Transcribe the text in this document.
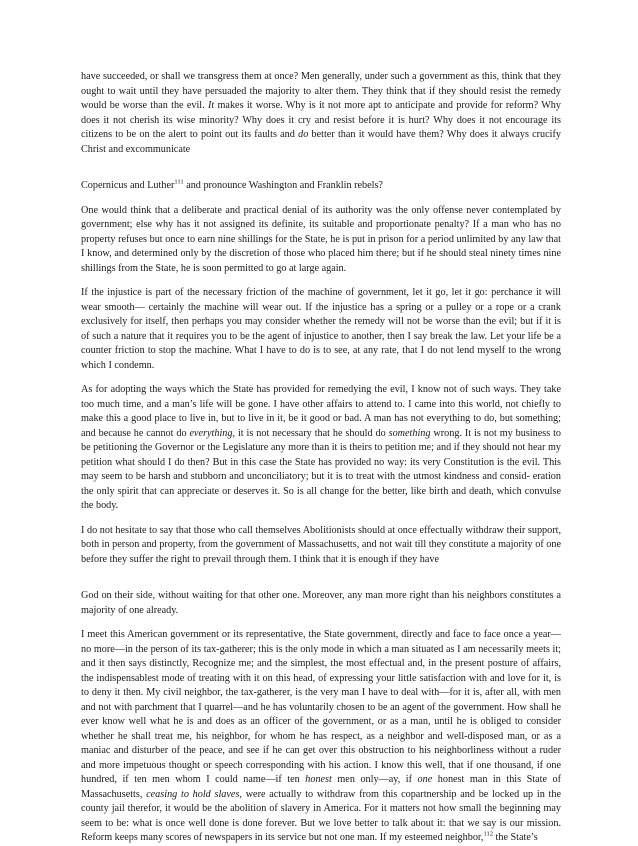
have succeeded, or shall we transgress them at once? Men generally, under such a government as this, think that they ought to wait until they have persuaded the majority to alter them. They think that if they should resist the remedy would be worse than the evil. It makes it worse. Why is it not more apt to anticipate and provide for reform? Why does it not cherish its wise minority? Why does it cry and resist before it is hurt? Why does it not encourage its citizens to be on the alert to point out its faults and do better than it would have them? Why does it always crucify Christ and excommunicate

Copernicus and Luther$^{111}$ and pronounce Washington and Franklin rebels?

One would think that a deliberate and practical denial of its authority was the only offense never contemplated by government; else why has it not assigned its definite, its suitable and proportionate penalty? If a man who has no property refuses but once to earn nine shillings for the State, he is put in prison for a period unlimited by any law that I know, and determined only by the discretion of those who placed him there; but if he should steal ninety times nine shillings from the State, he is soon permitted to go at large again.

If the injustice is part of the necessary friction of the machine of government, let it go, let it go: perchance it will wear smooth— certainly the machine will wear out. If the injustice has a spring or a pulley or a rope or a crank exclusively for itself, then perhaps you may consider whether the remedy will not be worse than the evil; but if it is of such a nature that it requires you to be the agent of injustice to another, then I say break the law. Let your life be a counter friction to stop the machine. What I have to do is to see, at any rate, that I do not lend myself to the wrong which I condemn.

As for adopting the ways which the State has provided for remedying the evil, I know not of such ways. They take too much time, and a man’s life will be gone. I have other affairs to attend to. I came into this world, not chiefly to make this a good place to live in, but to live in it, be it good or bad. A man has not everything to do, but something; and because he cannot do everything, it is not necessary that he should do something wrong. It is not my business to be petitioning the Governor or the Legislature any more than it is theirs to petition me; and if they should not hear my petition what should I do then? But in this case the State has provided no way: its very Constitution is the evil. This may seem to be harsh and stubborn and unconciliatory; but it is to treat with the utmost kindness and consid- eration the only spirit that can appreciate or deserves it. So is all change for the better, like birth and death, which convulse the body.

I do not hesitate to say that those who call themselves Abolitionists should at once effectually withdraw their support, both in person and property, from the government of Massachusetts, and not wait till they constitute a majority of one before they suffer the right to prevail through them. I think that it is enough if they have

God on their side, without waiting for that other one. Moreover, any man more right than his neighbors constitutes a majority of one already.

I meet this American government or its representative, the State government, directly and face to face once a year— no more—in the person of its tax-gatherer; this is the only mode in which a man situated as I am necessarily meets it; and it then says distinctly, Recognize me; and the simplest, the most effectual and, in the present posture of affairs, the indispensablest mode of treating with it on this head, of expressing your little satisfaction with and love for it, is to deny it then. My civil neighbor, the tax-gatherer, is the very man I have to deal with—for it is, after all, with men and not with parchment that I quarrel—and he has voluntarily chosen to be an agent of the government. How shall he ever know well what he is and does as an officer of the government, or as a man, until he is obliged to consider whether he shall treat me, his neighbor, for whom he has respect, as a neighbor and well-disposed man, or as a maniac and disturber of the peace, and see if he can get over this obstruction to his neighborliness without a ruder and more impetuous thought or speech corresponding with his action. I know this well, that if one thousand, if one hundred, if ten men whom I could name—if ten honest men only—ay, if one honest man in this State of Massachusetts, ceasing to hold slaves, were actually to withdraw from this copartnership and be locked up in the county jail therefor, it would be the abolition of slavery in America. For it matters not how small the beginning may seem to be: what is once well done is done forever. But we love better to talk about it: that we say is our mission. Reform keeps many scores of newspapers in its service but not one man. If my esteemed neighbor,$^{112}$ the State’s
